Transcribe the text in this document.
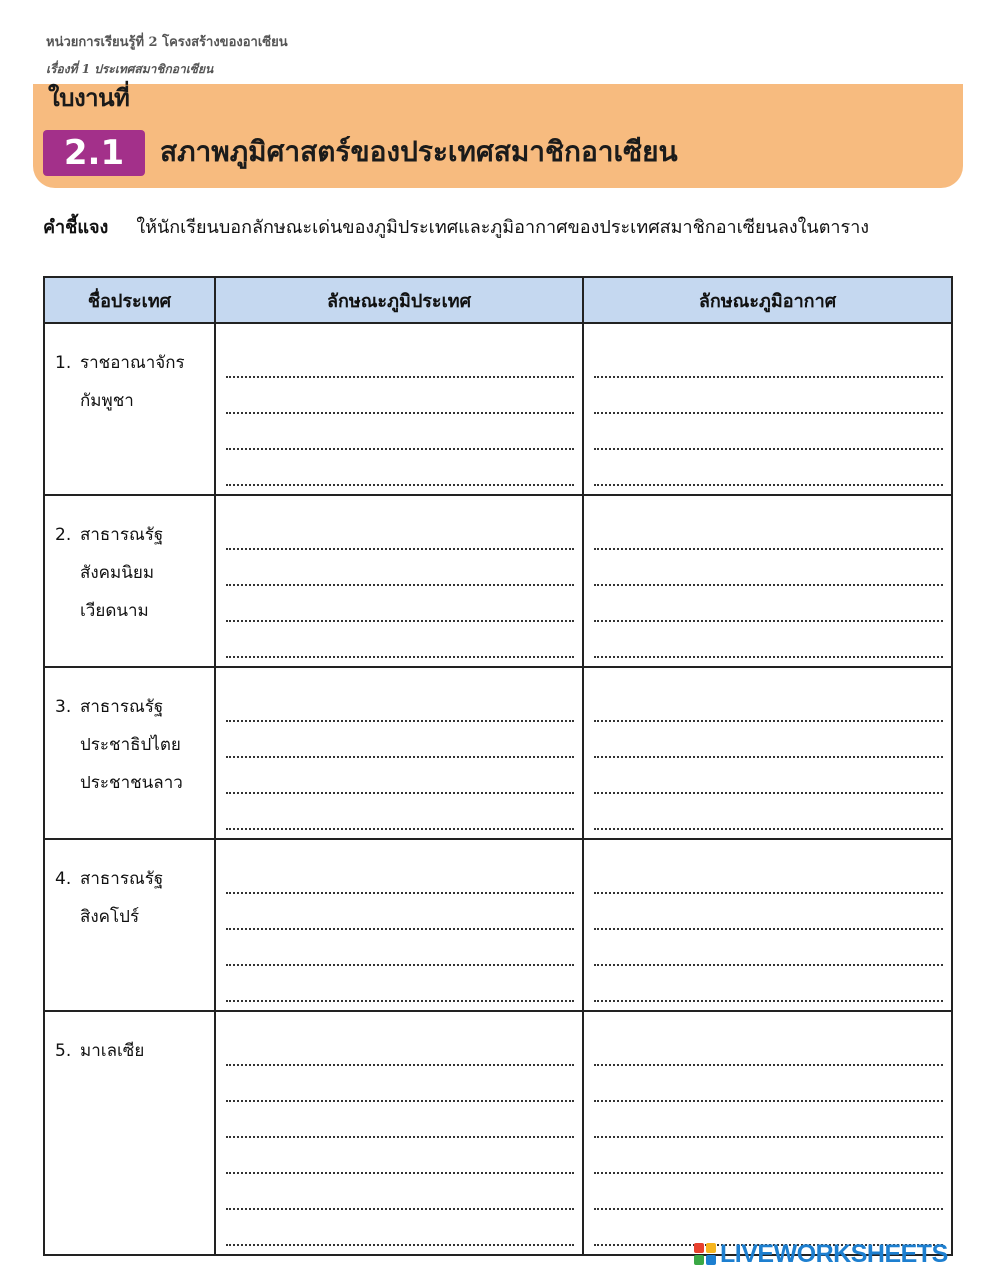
หน่วยการเรียนรู้ที่ 2 โครงสร้างของอาเซียน
เรื่องที่ 1 ประเทศสมาชิกอาเซียน
ใบงานที่
2.1	สภาพภูมิศาสตร์ของประเทศสมาชิกอาเซียน
คำชี้แจง ให้นักเรียนบอกลักษณะเด่นของภูมิประเทศและภูมิอากาศของประเทศสมาชิกอาเซียนลงในตาราง
ชื่อประเทศ	ลักษณะภูมิประเทศ	ลักษณะภูมิอากาศ

1. ราชอาณาจักร
กัมพูชา		

2. สาธารณรัฐ
สังคมนิยม
เวียดนาม		

3. สาธารณรัฐ
ประชาธิปไตย
ประชาชนลาว		

4. สาธารณรัฐ
สิงคโปร์		

5. มาเลเซีย		

LIVEWORKSHEETS
